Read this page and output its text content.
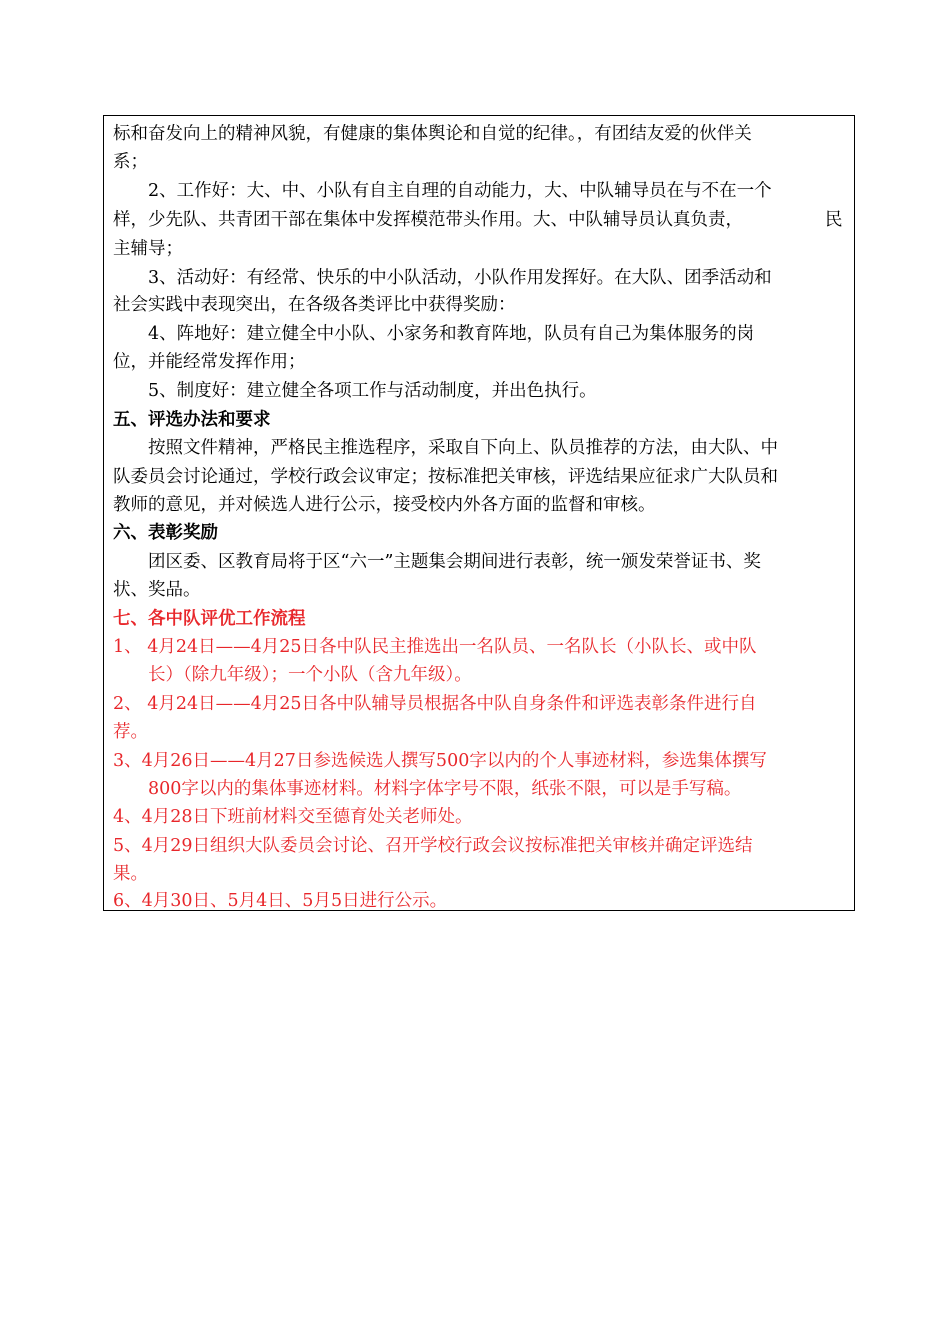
标和奋发向上的精神风貌，有健康的集体舆论和自觉的纪律。，有团结友爱的伙伴关
系；
2、工作好：大、中、小队有自主自理的自动能力，大、中队辅导员在与不在一个
样，少先队、共青团干部在集体中发挥模范带头作用。大、中队辅导员认真负责，	民
主辅导；
3、活动好：有经常、快乐的中小队活动，小队作用发挥好。在大队、团季活动和
社会实践中表现突出，在各级各类评比中获得奖励：
4、阵地好：建立健全中小队、小家务和教育阵地，队员有自己为集体服务的岗
位，并能经常发挥作用；
5、制度好：建立健全各项工作与活动制度，并出色执行。
五、评选办法和要求
按照文件精神，严格民主推选程序，采取自下向上、队员推荐的方法，由大队、中
队委员会讨论通过，学校行政会议审定；按标准把关审核，评选结果应征求广大队员和
教师的意见，并对候选人进行公示，接受校内外各方面的监督和审核。
六、表彰奖励
团区委、区教育局将于区“六一”主题集会期间进行表彰，统一颁发荣誉证书、奖
状、奖品。
七、各中队评优工作流程
1、 4月24日——4月25日各中队民主推选出一名队员、一名队长（小队长、或中队
长）（除九年级）；一个小队（含九年级）。
2、 4月24日——4月25日各中队辅导员根据各中队自身条件和评选表彰条件进行自
荐。
3、4月26日——4月27日参选候选人撰写500字以内的个人事迹材料，参选集体撰写
800字以内的集体事迹材料。材料字体字号不限，纸张不限，可以是手写稿。
4、4月28日下班前材料交至德育处关老师处。
5、4月29日组织大队委员会讨论、召开学校行政会议按标准把关审核并确定评选结
果。
6、4月30日、5月4日、5月5日进行公示。
